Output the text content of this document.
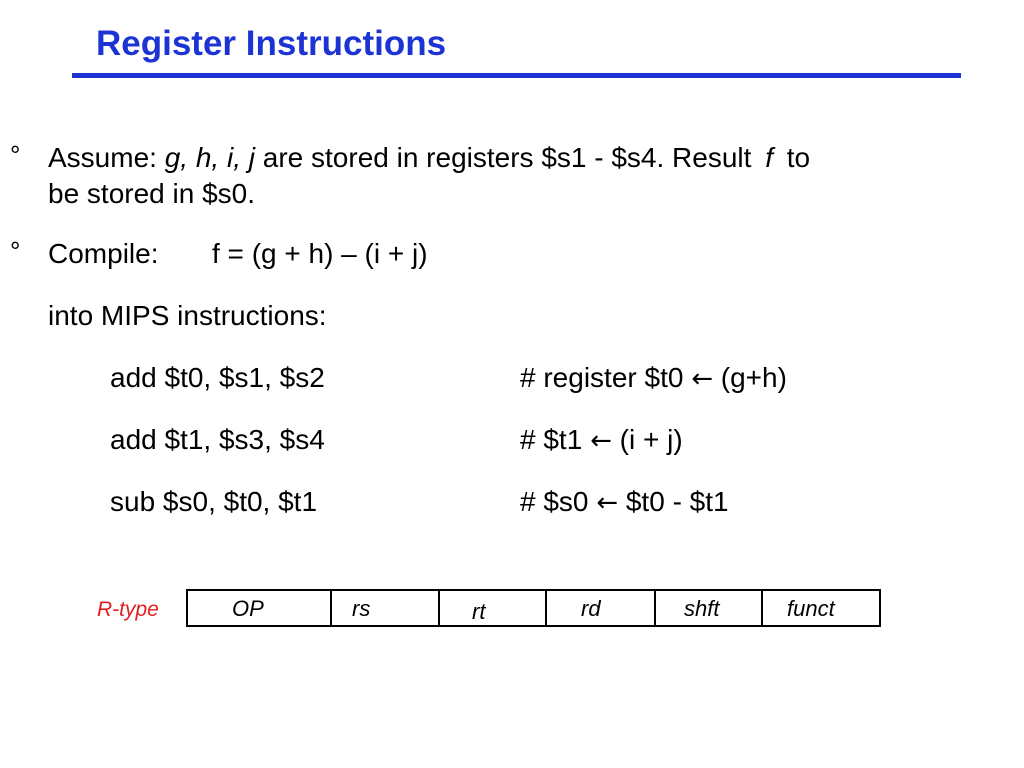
Register Instructions
° Assume: g, h, i, j are stored in registers $s1 - $s4. Result f to
be stored in $s0.
° Compile: f = (g + h) – (i + j)
into MIPS instructions:
add $t0, $s1, $s2	# register $t0 ← (g+h)
add $t1, $s3, $s4	# $t1 ← (i + j)
sub $s0, $t0, $t1	# $s0 ← $t0 - $t1
R-type	OP	rs	rt	rd	shft	funct
